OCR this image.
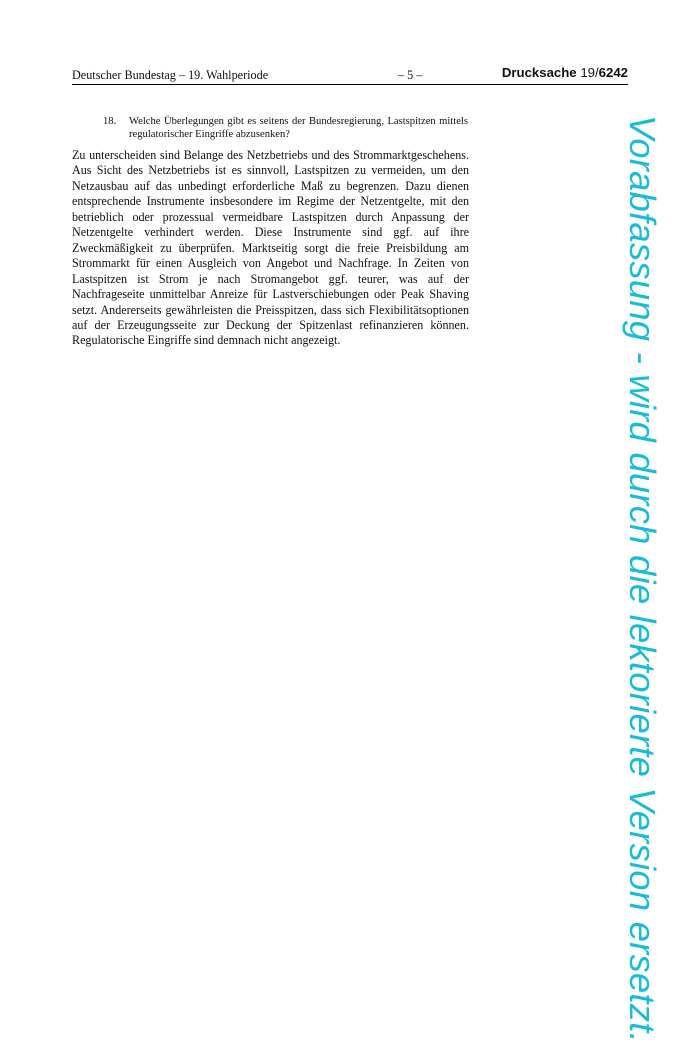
Deutscher Bundestag – 19. Wahlperiode	– 5 –	Drucksache 19/6242
18. Welche Überlegungen gibt es seitens der Bundesregierung, Lastspitzen mittels regulatorischer Eingriffe abzusenken?

Zu unterscheiden sind Belange des Netzbetriebs und des Strommarktgeschehens. Aus Sicht des Netzbetriebs ist es sinnvoll, Lastspitzen zu vermeiden, um den Netzausbau auf das unbedingt erforderliche Maß zu begrenzen. Dazu dienen entsprechende Instrumente insbesondere im Regime der Netzentgelte, mit den betrieblich oder prozessual vermeidbare Lastspitzen durch Anpassung der Netzentgelte verhindert werden. Diese Instrumente sind ggf. auf ihre Zweckmäßigkeit zu überprüfen. Marktseitig sorgt die freie Preisbildung am Strommarkt für einen Ausgleich von Angebot und Nachfrage. In Zeiten von Lastspitzen ist Strom je nach Stromangebot ggf. teurer, was auf der Nachfrageseite unmittelbar Anreize für Lastverschiebungen oder Peak Shaving setzt. Andererseits gewährleisten die Preisspitzen, dass sich Flexibilitätsoptionen auf der Erzeugungsseite zur Deckung der Spitzenlast refinanzieren können. Regulatorische Eingriffe sind demnach nicht angezeigt.	Vorabfassung - wird durch die lektorierte Version ersetzt.
